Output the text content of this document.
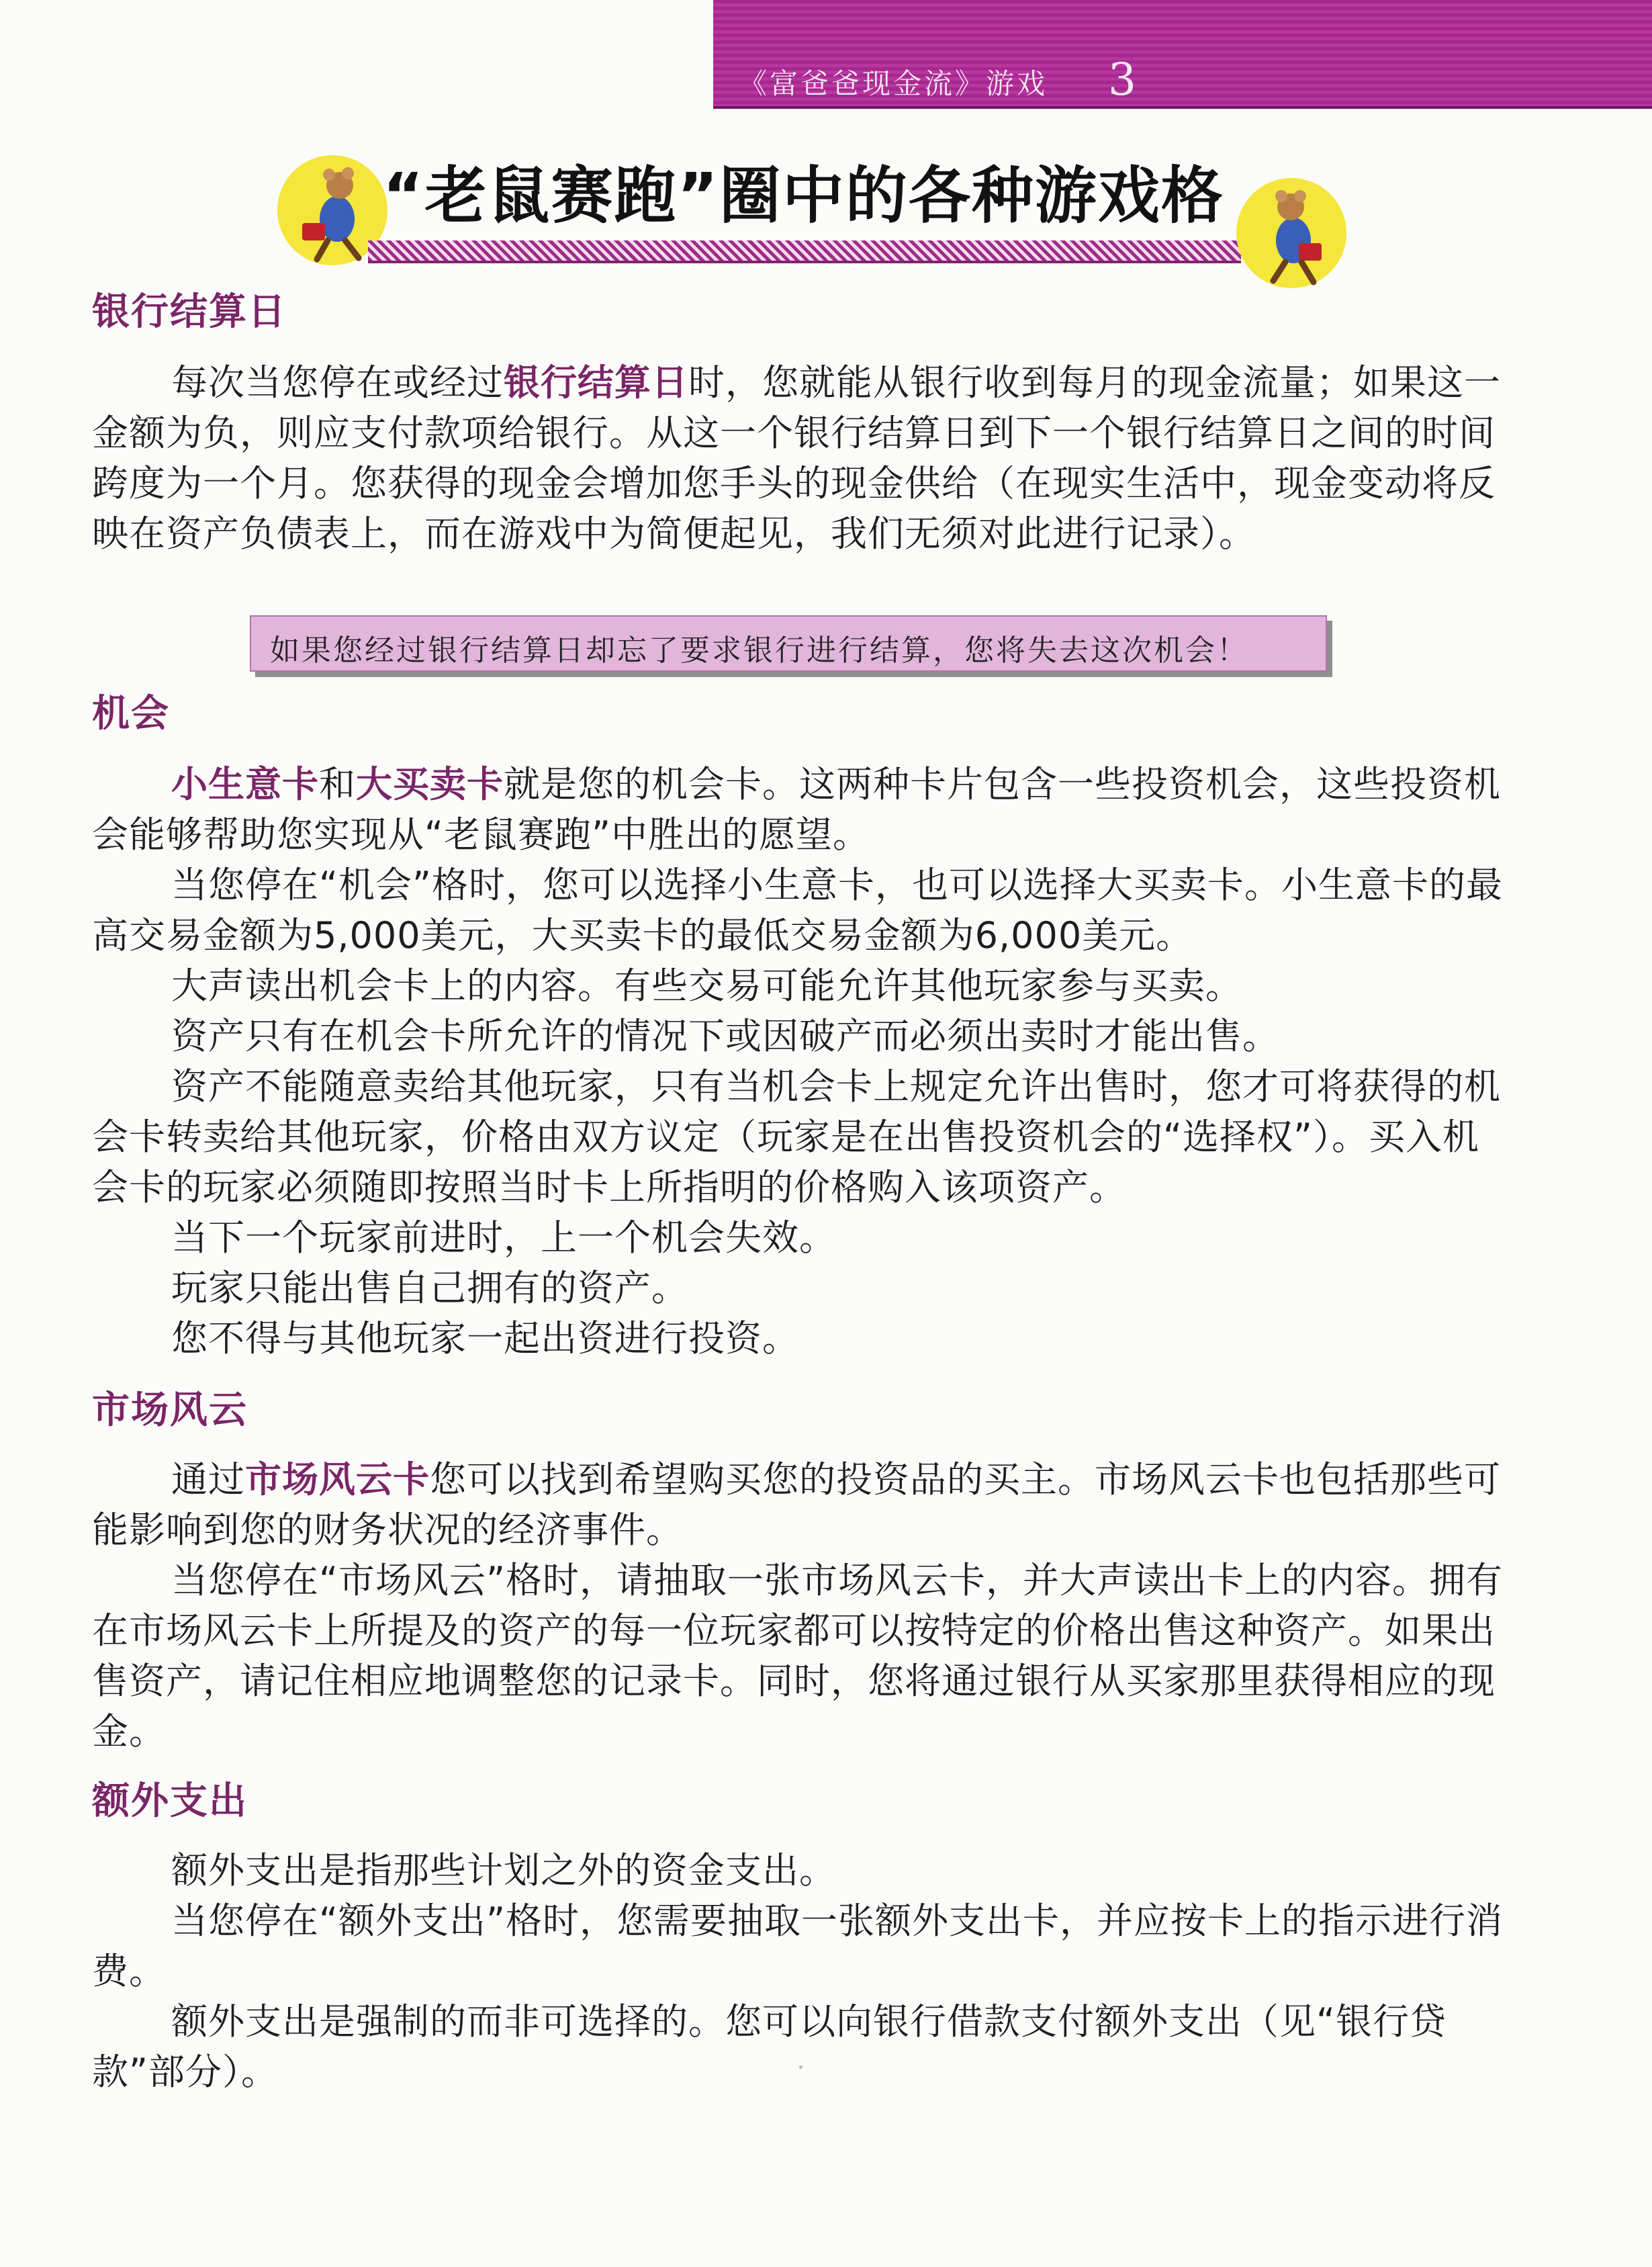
《富爸爸现金流》游戏 3
“老鼠赛跑”圈中的各种游戏格
银行结算日

每次当您停在或经过银行结算日时，您就能从银行收到每月的现金流量；如果这一金额为负，则应支付款项给银行。从这一个银行结算日到下一个银行结算日之间的时间跨度为一个月。您获得的现金会增加您手头的现金供给（在现实生活中，现金变动将反映在资产负债表上，而在游戏中为简便起见，我们无须对此进行记录）。

如果您经过银行结算日却忘了要求银行进行结算，您将失去这次机会！
机会

小生意卡和大买卖卡就是您的机会卡。这两种卡片包含一些投资机会，这些投资机会能够帮助您实现从“老鼠赛跑”中胜出的愿望。

当您停在“机会”格时，您可以选择小生意卡，也可以选择大买卖卡。小生意卡的最高交易金额为5,000美元，大买卖卡的最低交易金额为6,000美元。

大声读出机会卡上的内容。有些交易可能允许其他玩家参与买卖。

资产只有在机会卡所允许的情况下或因破产而必须出卖时才能出售。

资产不能随意卖给其他玩家，只有当机会卡上规定允许出售时，您才可将获得的机会卡转卖给其他玩家，价格由双方议定（玩家是在出售投资机会的“选择权”）。买入机会卡的玩家必须随即按照当时卡上所指明的价格购入该项资产。

当下一个玩家前进时，上一个机会失效。

玩家只能出售自己拥有的资产。

您不得与其他玩家一起出资进行投资。

市场风云

通过市场风云卡您可以找到希望购买您的投资品的买主。市场风云卡也包括那些可能影响到您的财务状况的经济事件。

当您停在“市场风云”格时，请抽取一张市场风云卡，并大声读出卡上的内容。拥有在市场风云卡上所提及的资产的每一位玩家都可以按特定的价格出售这种资产。如果出售资产，请记住相应地调整您的记录卡。同时，您将通过银行从买家那里获得相应的现金。

额外支出

额外支出是指那些计划之外的资金支出。

当您停在“额外支出”格时，您需要抽取一张额外支出卡，并应按卡上的指示进行消费。

额外支出是强制的而非可选择的。您可以向银行借款支付额外支出（见“银行贷款”部分）。
